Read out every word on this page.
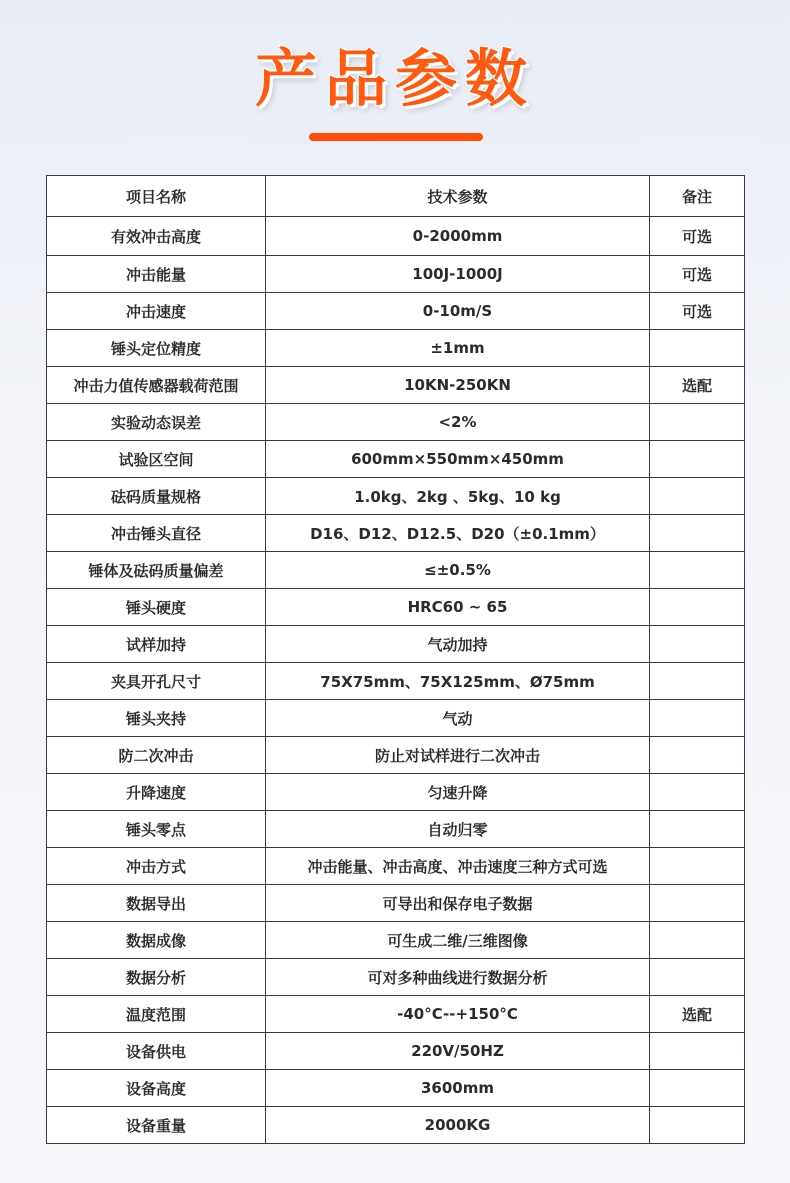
产品参数
项目名称	技术参数	备注
有效冲击高度	0-2000mm	可选
冲击能量	100J-1000J	可选
冲击速度	0-10m/S	可选
锤头定位精度	±1mm	
冲击力值传感器载荷范围	10KN-250KN	选配
实验动态误差	<2%	
试验区空间	600mm×550mm×450mm	
砝码质量规格	1.0kg、2kg 、5kg、10 kg	
冲击锤头直径	D16、D12、D12.5、D20（±0.1mm）	
锤体及砝码质量偏差	≤±0.5%	
锤头硬度	HRC60 ~ 65	
试样加持	气动加持	
夹具开孔尺寸	75X75mm、75X125mm、Ø75mm	
锤头夹持	气动	
防二次冲击	防止对试样进行二次冲击	
升降速度	匀速升降	
锤头零点	自动归零	
冲击方式	冲击能量、冲击高度、冲击速度三种方式可选	
数据导出	可导出和保存电子数据	
数据成像	可生成二维/三维图像	
数据分析	可对多种曲线进行数据分析	
温度范围	-40°C--+150°C	选配
设备供电	220V/50HZ	
设备高度	3600mm	
设备重量	2000KG	
